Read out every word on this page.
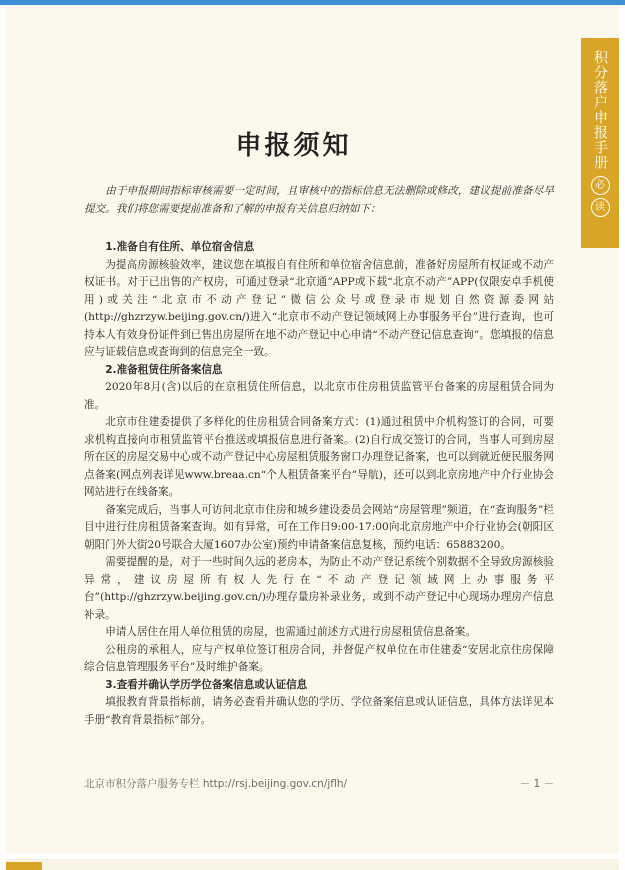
积分落户申报手册
必
读
申报须知

由于申报期间指标审核需要一定时间，且审核中的指标信息无法删除或修改，建议提前准备尽早提交。我们将您需要提前准备和了解的申报有关信息归纳如下：

1.准备自有住所、单位宿舍信息

为提高房源核验效率，建议您在填报自有住所和单位宿舍信息前，准备好房屋所有权证或不动产权证书。对于已出售的产权房，可通过登录“北京通”APP或下载“北京不动产”APP(仅限安卓手机使用)或关注“北京市不动产登记”微信公众号或登录市规划自然资源委网站(http://ghzrzyw.beijing.gov.cn/)进入“北京市不动产登记领域网上办事服务平台”进行查询，也可持本人有效身份证件到已售出房屋所在地不动产登记中心申请“不动产登记信息查询”。您填报的信息应与证载信息或查询到的信息完全一致。

2.准备租赁住所备案信息

2020年8月(含)以后的在京租赁住所信息，以北京市住房租赁监管平台备案的房屋租赁合同为准。

北京市住建委提供了多样化的住房租赁合同备案方式：(1)通过租赁中介机构签订的合同，可要求机构直接向市租赁监管平台推送或填报信息进行备案。(2)自行成交签订的合同，当事人可到房屋所在区的房屋交易中心或不动产登记中心房屋租赁服务窗口办理登记备案，也可以到就近便民服务网点备案(网点列表详见www.breaa.cn“个人租赁备案平台”导航)，还可以到北京房地产中介行业协会网站进行在线备案。

备案完成后，当事人可访问北京市住房和城乡建设委员会网站“房屋管理”频道，在“查询服务”栏目中进行住房租赁备案查询。如有异常，可在工作日9:00-17:00向北京房地产中介行业协会(朝阳区朝阳门外大街20号联合大厦1607办公室)预约申请备案信息复核，预约电话：65883200。

需要提醒的是，对于一些时间久远的老房本，为防止不动产登记系统个别数据不全导致房源核验异常，建议房屋所有权人先行在“不动产登记领域网上办事服务平台”(http://ghzrzyw.beijing.gov.cn/)办理存量房补录业务，或到不动产登记中心现场办理房产信息补录。

申请人居住在用人单位租赁的房屋，也需通过前述方式进行房屋租赁信息备案。

公租房的承租人，应与产权单位签订租房合同，并督促产权单位在市住建委“安居北京住房保障综合信息管理服务平台”及时维护备案。

3.查看并确认学历学位备案信息或认证信息

填报教育背景指标前，请务必查看并确认您的学历、学位备案信息或认证信息，具体方法详见本手册“教育背景指标”部分。

北京市积分落户服务专栏 http://rsj.beijing.gov.cn/jflh/	－ 1 －
